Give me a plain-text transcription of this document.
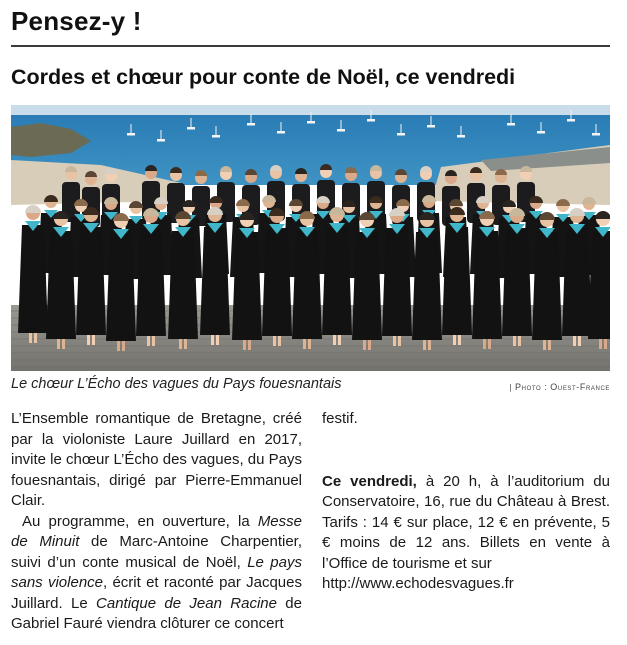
Pensez-y !
Cordes et chœur pour conte de Noël, ce vendredi
Le chœur L’Écho des vagues du Pays fouesnantais	| Photo : Ouest-France

L’Ensemble romantique de Bretagne, créé par la violoniste Laure Juillard en 2017, invite le chœur L’Écho des vagues, du Pays fouesnantais, dirigé par Pierre-Emmanuel Clair.

Au programme, en ouverture, la Messe de Minuit de Marc-Antoine Charpentier, suivi d’un conte musical de Noël, Le pays sans violence, écrit et raconté par Jacques Juillard. Le Cantique de Jean Racine de Gabriel Fauré viendra clôturer ce concert

festif.

Ce vendredi, à 20 h, à l’auditorium du Conservatoire, 16, rue du Château à Brest. Tarifs : 14 € sur place, 12 € en prévente, 5 € moins de 12 ans. Billets en vente à l’Office de tourisme et sur
http://www.echodesvagues.fr
